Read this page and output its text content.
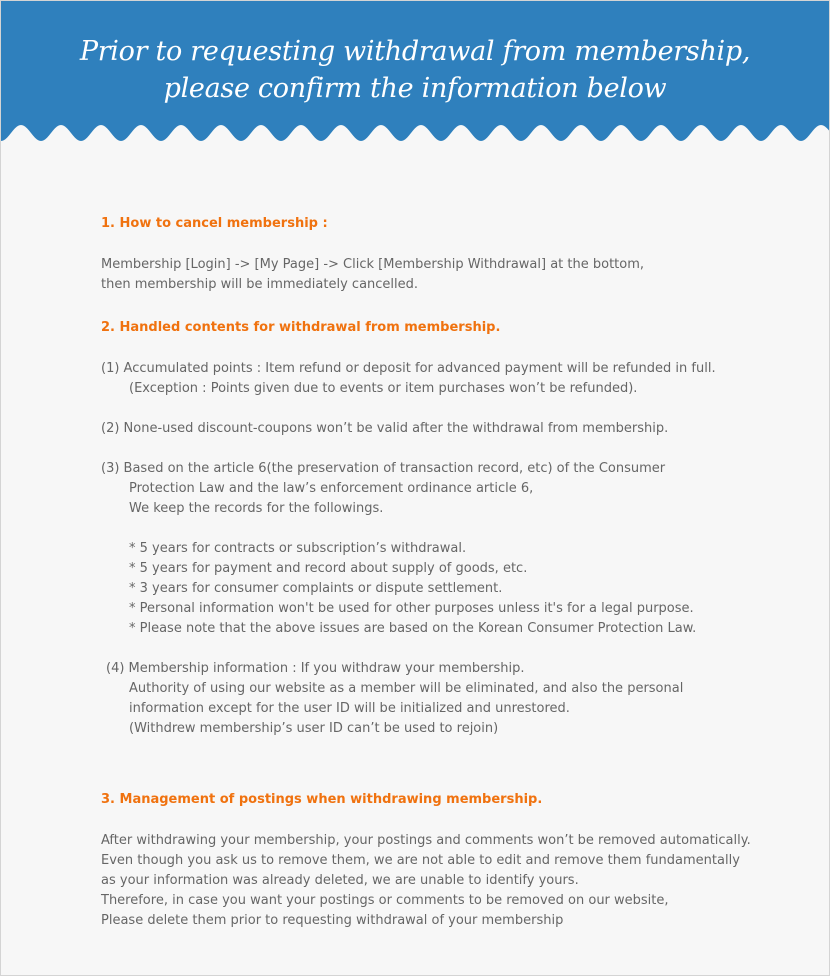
Prior to requesting withdrawal from membership,
please confirm the information below
1. How to cancel membership :
Membership [Login] -> [My Page] -> Click [Membership Withdrawal] at the bottom,
then membership will be immediately cancelled.
2. Handled contents for withdrawal from membership.
(1) Accumulated points : Item refund or deposit for advanced payment will be refunded in full.
(Exception : Points given due to events or item purchases won’t be refunded).
(2) None-used discount-coupons won’t be valid after the withdrawal from membership.
(3) Based on the article 6(the preservation of transaction record, etc) of the Consumer
Protection Law and the law’s enforcement ordinance article 6,
We keep the records for the followings.
* 5 years for contracts or subscription’s withdrawal.
* 5 years for payment and record about supply of goods, etc.
* 3 years for consumer complaints or dispute settlement.
* Personal information won't be used for other purposes unless it's for a legal purpose.
* Please note that the above issues are based on the Korean Consumer Protection Law.
(4) Membership information : If you withdraw your membership.
Authority of using our website as a member will be eliminated, and also the personal
information except for the user ID will be initialized and unrestored.
(Withdrew membership’s user ID can’t be used to rejoin)
3. Management of postings when withdrawing membership.
After withdrawing your membership, your postings and comments won’t be removed automatically.
Even though you ask us to remove them, we are not able to edit and remove them fundamentally
as your information was already deleted, we are unable to identify yours.
Therefore, in case you want your postings or comments to be removed on our website,
Please delete them prior to requesting withdrawal of your membership
